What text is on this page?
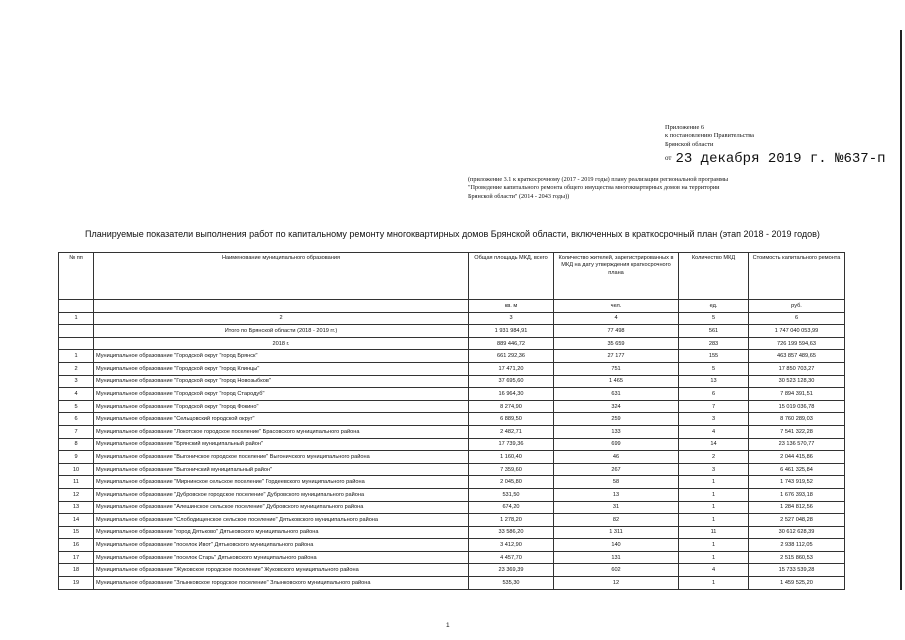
Приложение 6
к постановлению Правительства
Брянской области
от 23 декабря 2019 г. №637-п
(приложение 3.1 к краткосрочному (2017 - 2019 годы) плану реализации региональной программы
"Проведение капитального ремонта общего имущества многоквартирных домов на территории
Брянской области" (2014 - 2043 годы))
Планируемые показатели выполнения работ по капитальному ремонту многоквартирных домов Брянской области, включенных в краткосрочный план (этап 2018 - 2019 годов)
№ пп	Наименование муниципального образования	Общая площадь МКД, всего	Количество жителей, зарегистрированных в МКД на дату утверждения краткосрочного плана	Количество МКД	Стоимость капитального ремонта
		кв. м	чел.	ед.	руб.
1	2	3	4	5	6
	Итого по Брянской области (2018 - 2019 гг.)	1 931 984,91	77 498	561	1 747 040 053,99
	2018 г.	889 446,72	35 659	283	726 199 594,63
1	Муниципальное образование "Городской округ "город Брянск"	661 292,36	27 177	155	463 857 489,65
2	Муниципальное образование "Городской округ "город Клинцы"	17 471,20	751	5	17 850 703,27
3	Муниципальное образование "Городской округ "город Новозыбков"	37 695,60	1 465	13	30 523 128,30
4	Муниципальное образование "Городской округ "город Стародуб"	16 964,30	631	6	7 894 391,51
5	Муниципальное образование "Городской округ "город Фокино"	8 274,90	324	7	15 019 036,78
6	Муниципальное образование "Сельцовский городской округ"	6 889,50	259	3	8 760 289,03
7	Муниципальное образование "Локотское городское поселение" Брасовского муниципального района	2 482,71	133	4	7 541 322,28
8	Муниципальное образование "Брянский муниципальный район"	17 739,36	699	14	23 136 570,77
9	Муниципальное образование "Выгоничское городское поселение" Выгоничского муниципального района	1 160,40	46	2	2 044 415,86
10	Муниципальное образование "Выгоничский муниципальный район"	7 359,60	267	3	6 461 325,84
11	Муниципальное образование "Мирнинское сельское поселение" Гордеевского муниципального района	2 045,80	58	1	1 743 919,52
12	Муниципальное образование "Дубровское городское поселение" Дубровского муниципального района	531,50	13	1	1 676 393,18
13	Муниципальное образование "Алешинское сельское поселение" Дубровского муниципального района	674,20	31	1	1 284 812,56
14	Муниципальное образование "Слободищенское сельское поселение" Дятьковского муниципального района	1 278,20	82	1	2 527 048,28
15	Муниципальное образование "город Дятьково" Дятьковского муниципального района	33 586,20	1 311	11	30 612 628,39
16	Муниципальное образование "поселок Ивот" Дятьковского муниципального района	3 412,90	140	1	2 938 112,05
17	Муниципальное образование "поселок Старь" Дятьковского муниципального района	4 457,70	131	1	2 515 860,53
18	Муниципальное образование "Жуковское городское поселение" Жуковского муниципального района	23 369,39	602	4	15 733 539,28
19	Муниципальное образование "Злынковское городское поселение" Злынковского муниципального района	535,30	12	1	1 459 525,20
1
